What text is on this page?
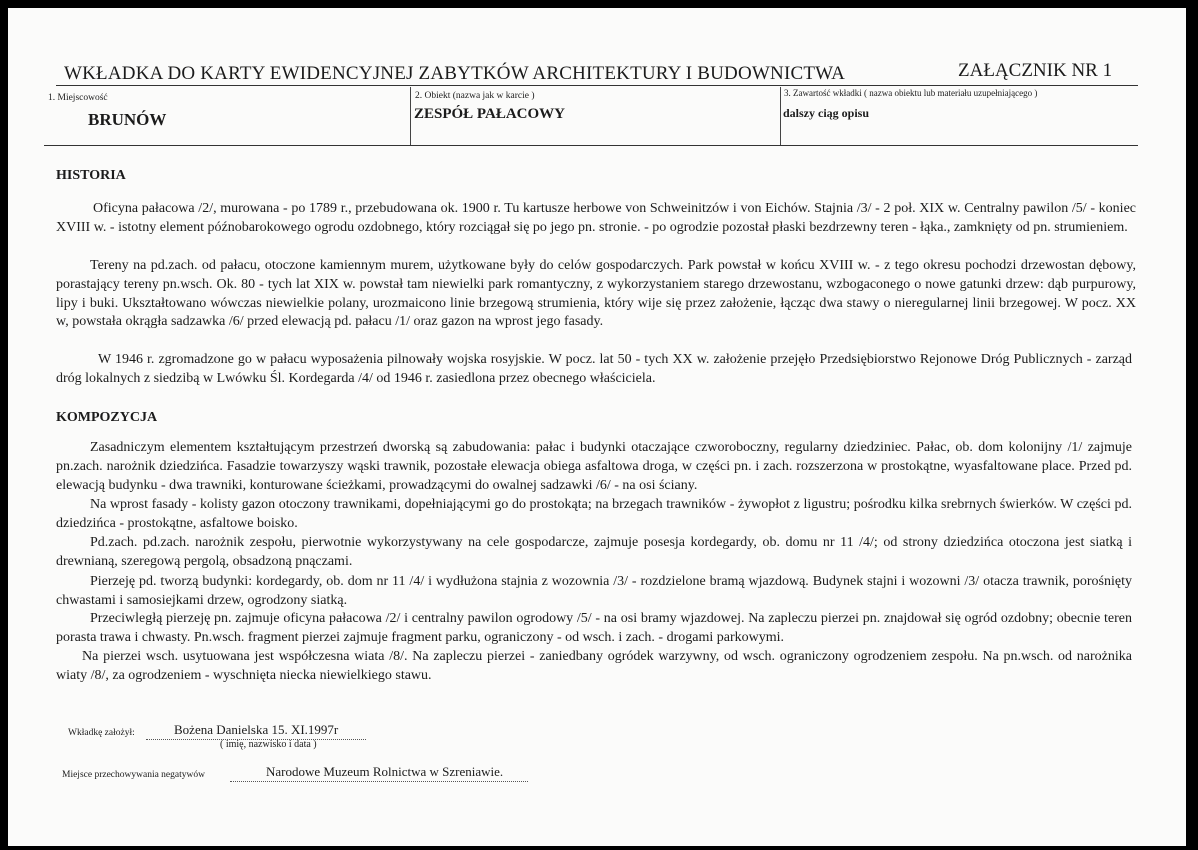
WKŁADKA DO KARTY EWIDENCYJNEJ ZABYTKÓW ARCHITEKTURY I BUDOWNICTWA	ZAŁĄCZNIK NR 1
1. Miejscowość
BRUNÓW
2. Obiekt (nazwa jak w karcie )
ZESPÓŁ PAŁACOWY
3. Zawartość wkładki ( nazwa obiektu lub materiału uzupełniającego )
dalszy ciąg opisu
HISTORIA

Oficyna pałacowa /2/, murowana - po 1789 r., przebudowana ok. 1900 r. Tu kartusze herbowe von Schweinitzów i von Eichów. Stajnia /3/ - 2 poł. XIX w. Centralny pawilon /5/ - koniec XVIII w. - istotny element późnobarokowego ogrodu ozdobnego, który rozciągał się po jego pn. stronie. - po ogrodzie pozostał płaski bezdrzewny teren - łąka., zamknięty od pn. strumieniem.

Tereny na pd.zach. od pałacu, otoczone kamiennym murem, użytkowane były do celów gospodarczych. Park powstał w końcu XVIII w. - z tego okresu pochodzi drzewostan dębowy, porastający tereny pn.wsch. Ok. 80 - tych lat XIX w. powstał tam niewielki park romantyczny, z wykorzystaniem starego drzewostanu, wzbogaconego o nowe gatunki drzew: dąb purpurowy, lipy i buki. Ukształtowano wówczas niewielkie polany, urozmaicono linie brzegową strumienia, który wije się przez założenie, łącząc dwa stawy o nieregularnej linii brzegowej. W pocz. XX w, powstała okrągła sadzawka /6/ przed elewacją pd. pałacu /1/ oraz gazon na wprost jego fasady.

W 1946 r. zgromadzone go w pałacu wyposażenia pilnowały wojska rosyjskie. W pocz. lat 50 - tych XX w. założenie przejęło Przedsiębiorstwo Rejonowe Dróg Publicznych - zarząd dróg lokalnych z siedzibą w Lwówku Śl. Kordegarda /4/ od 1946 r. zasiedlona przez obecnego właściciela.

KOMPOZYCJA

Zasadniczym elementem kształtującym przestrzeń dworską są zabudowania: pałac i budynki otaczające czworoboczny, regularny dziedziniec. Pałac, ob. dom kolonijny /1/ zajmuje pn.zach. narożnik dziedzińca. Fasadzie towarzyszy wąski trawnik, pozostałe elewacja obiega asfaltowa droga, w części pn. i zach. rozszerzona w prostokątne, wyasfaltowane place. Przed pd. elewacją budynku - dwa trawniki, konturowane ścieżkami, prowadzącymi do owalnej sadzawki /6/ - na osi ściany.

Na wprost fasady - kolisty gazon otoczony trawnikami, dopełniającymi go do prostokąta; na brzegach trawników - żywopłot z ligustru; pośrodku kilka srebrnych świerków. W części pd. dziedzińca - prostokątne, asfaltowe boisko.

Pd.zach. pd.zach. narożnik zespołu, pierwotnie wykorzystywany na cele gospodarcze, zajmuje posesja kordegardy, ob. domu nr 11 /4/; od strony dziedzińca otoczona jest siatką i drewnianą, szeregową pergolą, obsadzoną pnączami.

Pierzeję pd. tworzą budynki: kordegardy, ob. dom nr 11 /4/ i wydłużona stajnia z wozownia /3/ - rozdzielone bramą wjazdową. Budynek stajni i wozowni /3/ otacza trawnik, porośnięty chwastami i samosiejkami drzew, ogrodzony siatką.

Przeciwległą pierzeję pn. zajmuje oficyna pałacowa /2/ i centralny pawilon ogrodowy /5/ - na osi bramy wjazdowej. Na zapleczu pierzei pn. znajdował się ogród ozdobny; obecnie teren porasta trawa i chwasty. Pn.wsch. fragment pierzei zajmuje fragment parku, ograniczony - od wsch. i zach. - drogami parkowymi.

Na pierzei wsch. usytuowana jest współczesna wiata /8/. Na zapleczu pierzei - zaniedbany ogródek warzywny, od wsch. ograniczony ogrodzeniem zespołu. Na pn.wsch. od narożnika wiaty /8/, za ogrodzeniem - wyschnięta niecka niewielkiego stawu.

Wkładkę założył:	Bożena Danielska 15. XI.1997r
( imię, nazwisko i data )
Miejsce przechowywania negatywów	Narodowe Muzeum Rolnictwa w Szreniawie.
